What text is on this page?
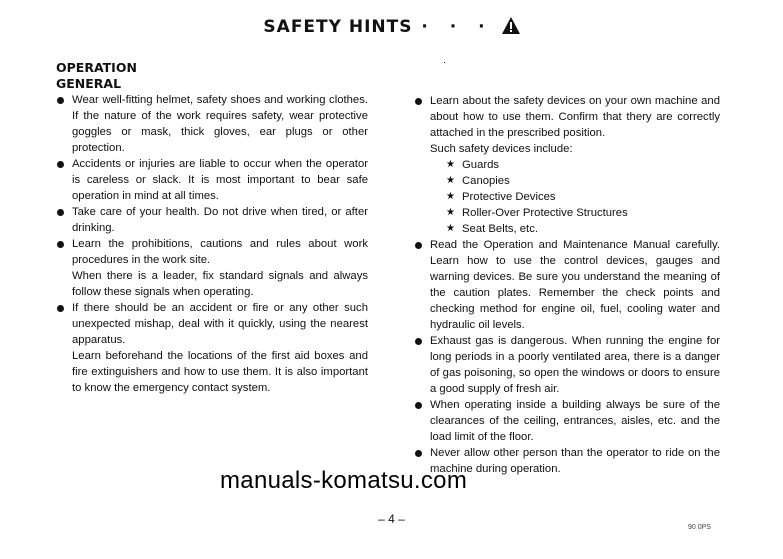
SAFETY HINTS · · ·
OPERATION
GENERAL
Wear well-fitting helmet, safety shoes and working clothes. If the nature of the work requires safety, wear protective goggles or mask, thick gloves, ear plugs or other protection.
Accidents or injuries are liable to occur when the operator is careless or slack. It is most important to bear safe operation in mind at all times.
Take care of your health. Do not drive when tired, or after drinking.
Learn the prohibitions, cautions and rules about work procedures in the work site.
When there is a leader, fix standard signals and always follow these signals when operating.
If there should be an accident or fire or any other such unexpected mishap, deal with it quickly, using the nearest apparatus.
Learn beforehand the locations of the first aid boxes and fire extinguishers and how to use them. It is also important to know the emergency contact system.
Learn about the safety devices on your own machine and about how to use them. Confirm that thery are correctly attached in the prescribed position.
Such safety devices include:
★ Guards
★ Canopies
★ Protective Devices
★ Roller-Over Protective Structures
★ Seat Belts, etc.
Read the Operation and Maintenance Manual carefully. Learn how to use the control devices, gauges and warning devices. Be sure you understand the meaning of the caution plates. Remember the check points and checking method for engine oil, fuel, cooling water and hydraulic oil levels.
Exhaust gas is dangerous. When running the engine for long periods in a poorly ventilated area, there is a danger of gas poisoning, so open the windows or doors to ensure a good supply of fresh air.
When operating inside a building always be sure of the clearances of the ceiling, entrances, aisles, etc. and the load limit of the floor.
Never allow other person than the operator to ride on the machine during operation.
manuals-komatsu.com
– 4 –
90 0PS
